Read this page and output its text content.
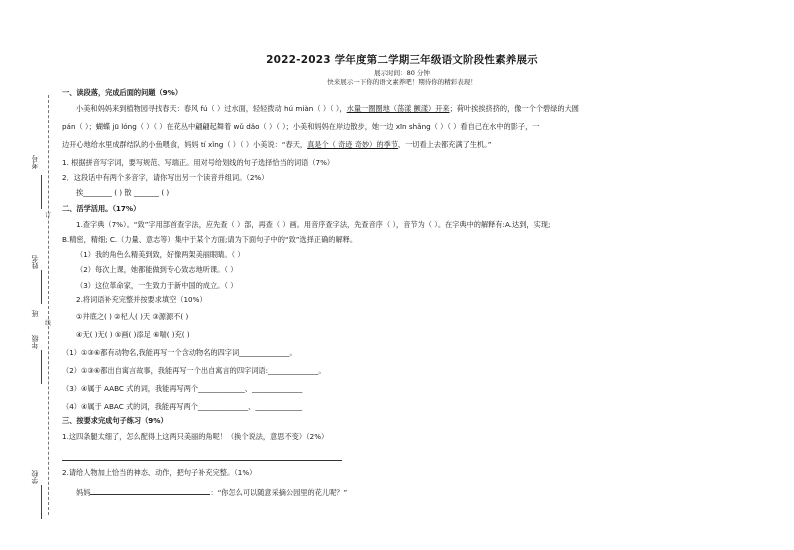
考号
订
姓名
班
线
年级
学校
2022-2023 学年度第二学期三年级语文阶段性素养展示
展示时间：80 分钟
快来展示一下你的语文素养吧！期待你的精彩表现！
一、读段落，完成后面的问题（9%）
小美和妈妈来到植物园寻找春天：春风 fú（ ）过水面，轻轻拨动 hú miàn（ ）（ ），水量一圈圈地（荡漾 颤漾）开来；荷叶挨挨挤挤的，像一个个碧绿的大圆
pán（ ）；蝴蝶 jū lóng（ ）（ ）在花丛中翩翩起舞着 wǔ dǎo（ ）（ ）；小美和妈妈在岸边散步，她一边 xīn shǎng（ ）（ ）看自己在水中的影子，一
边开心地给水里成群结队的小鱼喂食，妈妈 tí xǐng（ ）（ ）小美说：“春天，真是个（ 奇迹 奇妙）的季节，一切看上去都充满了生机。”
1. 根据拼音写字词，要写规范、写端正。用对号给划线的句子选择恰当的词语（7%）
2．这段话中有两个多音字，请你写出另一个读音并组词。（2%）
挨________ ( ) 散 _______ ( )
二、活学活用。（17%）
1.查字典（7%）。“致”字用部首查字法，应先查（ ）部，再查（ ）画。用音序查字法，先查音序（ ），音节为（ ）。在字典中的解释有:A.达到，实现;
B.精密，精细; C.（力量、意志等）集中于某个方面;请为下面句子中的“致”选择正确的解释。
（1）我的角色么精美到致，好像两架美丽眼睛。（ ）
（2）每次上课，她都能做到专心致志地听课。（ ）
（3）这位革命家，一生致力于新中国的成立。（ ）
2.将词语补充完整并按要求填空（10%）
①井底之( ) ②杞人( )天 ③源源不( )
④无( )无( ) ⑤画( )添足 ⑥喘( )充( )
（1）①③⑥都有动物名,我能再写一个含动物名的四字词______________。
（2）①③⑥都出自寓言故事，我能再写一个出自寓言的四字词语:______________。
（3）④属于 AABC 式的词，我能再写两个_____________、______________
（4）④属于 ABAC 式的词，我能再写两个______________、_____________
三、按要求完成句子练习（9%）
1.这四条腿太细了，怎么配得上这两只美丽的角呢！（换个说法，意思不变）（2%）
2.请给人物加上恰当的神态、动作，把句子补充完整。（1%）
妈妈	：“你怎么可以随意采摘公园里的花儿呢？”
